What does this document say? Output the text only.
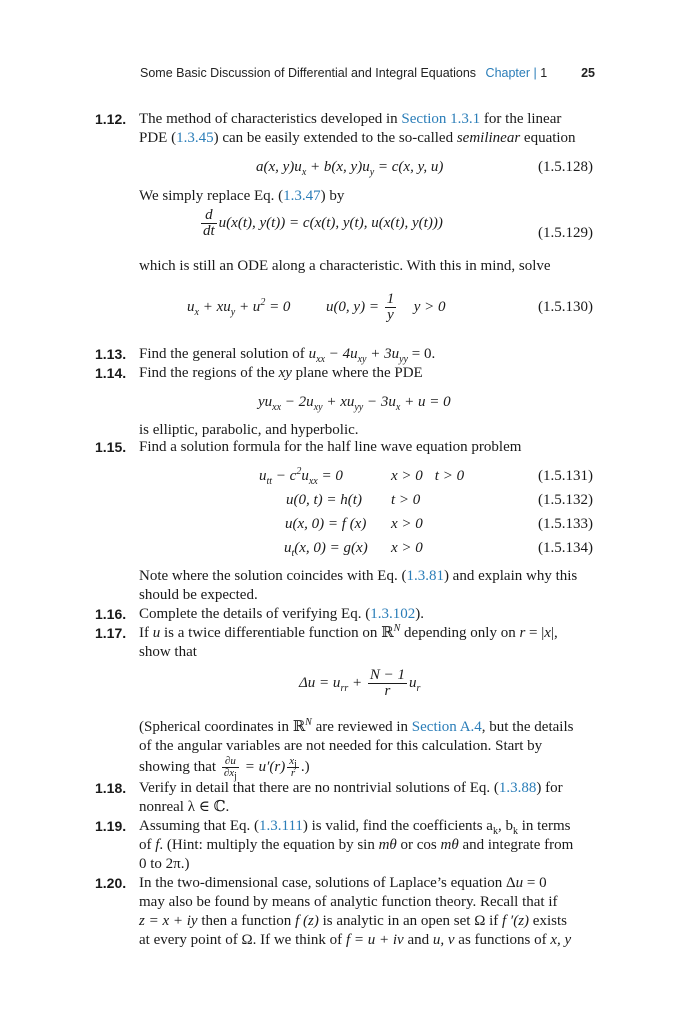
Some Basic Discussion of Differential and Integral Equations Chapter | 1	25
1.12. The method of characteristics developed in Section 1.3.1 for the linear
PDE (1.3.45) can be easily extended to the so-called semilinear equation
a(x, $y)u_x + b(x$, $y)u_y = c(x$, y, u)	(1.5.128)
We simply replace Eq. (1.3.47) by
$\frac{d}{dt} u(x(t)$, y(t)) = c(x(t), y(t), u(x(t), y(t)))
(1.5.129)
which is still an ODE along a characteristic. With this in mind, solve
$u_x + xu_y + u^2 = 0$ u(0, $y) = \frac{1}{y}$ y > 0	(1.5.130)
1.13. Find the general solution of $u_{xx} - 4u_{xy} + 3u_{yy} = 0$.
1.14. Find the regions of the xy plane where the PDE
$yu_{xx} - 2u_{xy} + xu_{yy} - 3u_x + u = 0$
is elliptic, parabolic, and hyperbolic.
1.15. Find a solution formula for the half line wave equation problem
$u_{tt} - c^2u_{xx} = 0$	x > 0 t > 0	(1.5.131)
u(0, t) = h(t) t > 0	(1.5.132)
u(x, 0) = f (x) x > 0	(1.5.133)
$u_t(x$, 0) = g(x) x > 0	(1.5.134)
Note where the solution coincides with Eq. (1.3.81) and explain why this
should be expected.
1.16. Complete the details of verifying Eq. (1.3.102).
1.17. If u is a twice differentiable function on ℝ$^N$ depending only on r = |x|,
show that
$\Delta u = u_{rr} + \frac{N - 1}{r} u_r$
(Spherical coordinates in ℝ$^N$ are reviewed in Section A.4, but the details
of the angular variables are not needed for this calculation. Start by
showing that $\frac{\partial u}{\partial x_j} = u'(r) \frac{x_j}{r}$ .)
1.18. Verify in detail that there are no nontrivial solutions of Eq. (1.3.88) for
nonreal λ ∈ ℂ.
1.19. Assuming that Eq. (1.3.111) is valid, find the coefficients $a_k$, $b_k$ in terms
of f. (Hint: multiply the equation by sin mθ or cos mθ and integrate from
0 to 2π.)
1.20. In the two-dimensional case, solutions of Laplace’s equation Δu = 0
may also be found by means of analytic function theory. Recall that if
z = x + iy then a function f (z) is analytic in an open set Ω if f ′(z) exists
at every point of Ω. If we think of f = u + iv and u, v as functions of x, y
